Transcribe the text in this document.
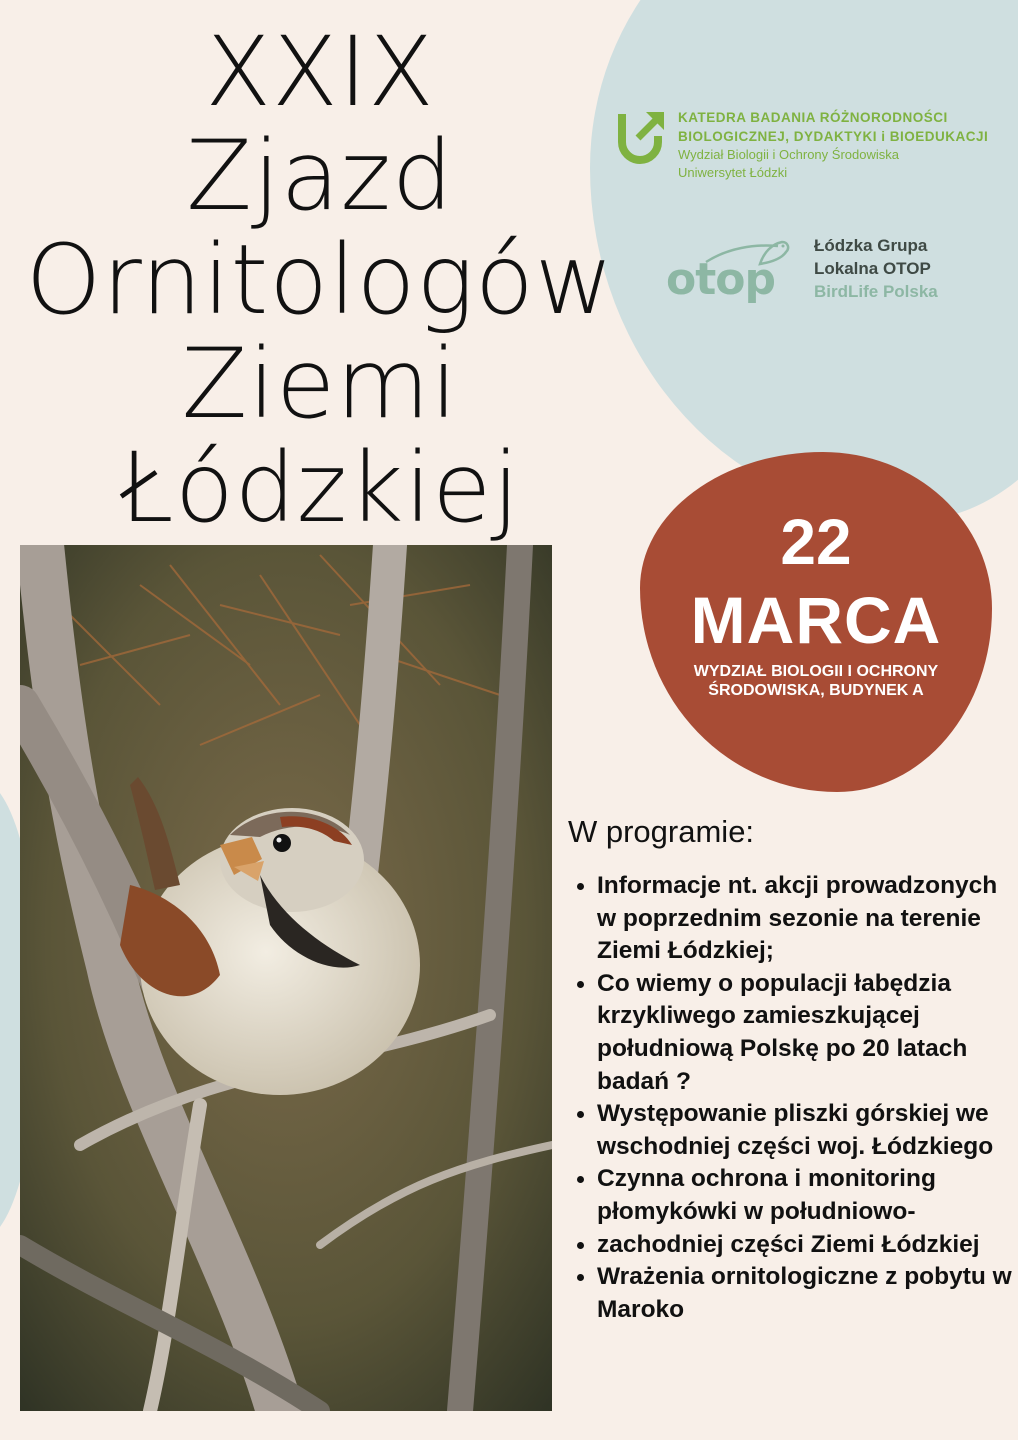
XXIX
Zjazd
Ornitologów
Ziemi
Łódzkiej
KATEDRA BADANIA RÓŻNORODNOŚCI
BIOLOGICZNEJ, DYDAKTYKI i BIOEDUKACJI
Wydział Biologii i Ochrony Środowiska
Uniwersytet Łódzki
otop
Łódzka Grupa
Lokalna OTOP
BirdLife Polska
22
MARCA
WYDZIAŁ BIOLOGII I OCHRONY
ŚRODOWISKA, BUDYNEK A
W programie:
Informacje nt. akcji prowadzonych w poprzednim sezonie na terenie Ziemi Łódzkiej;
Co wiemy o populacji łabędzia krzykliwego zamieszkującej południową Polskę po 20 latach badań ?
Występowanie pliszki górskiej we wschodniej części woj. Łódzkiego
Czynna ochrona i monitoring płomykówki w południowo-
zachodniej części Ziemi Łódzkiej
Wrażenia ornitologiczne z pobytu w Maroko
